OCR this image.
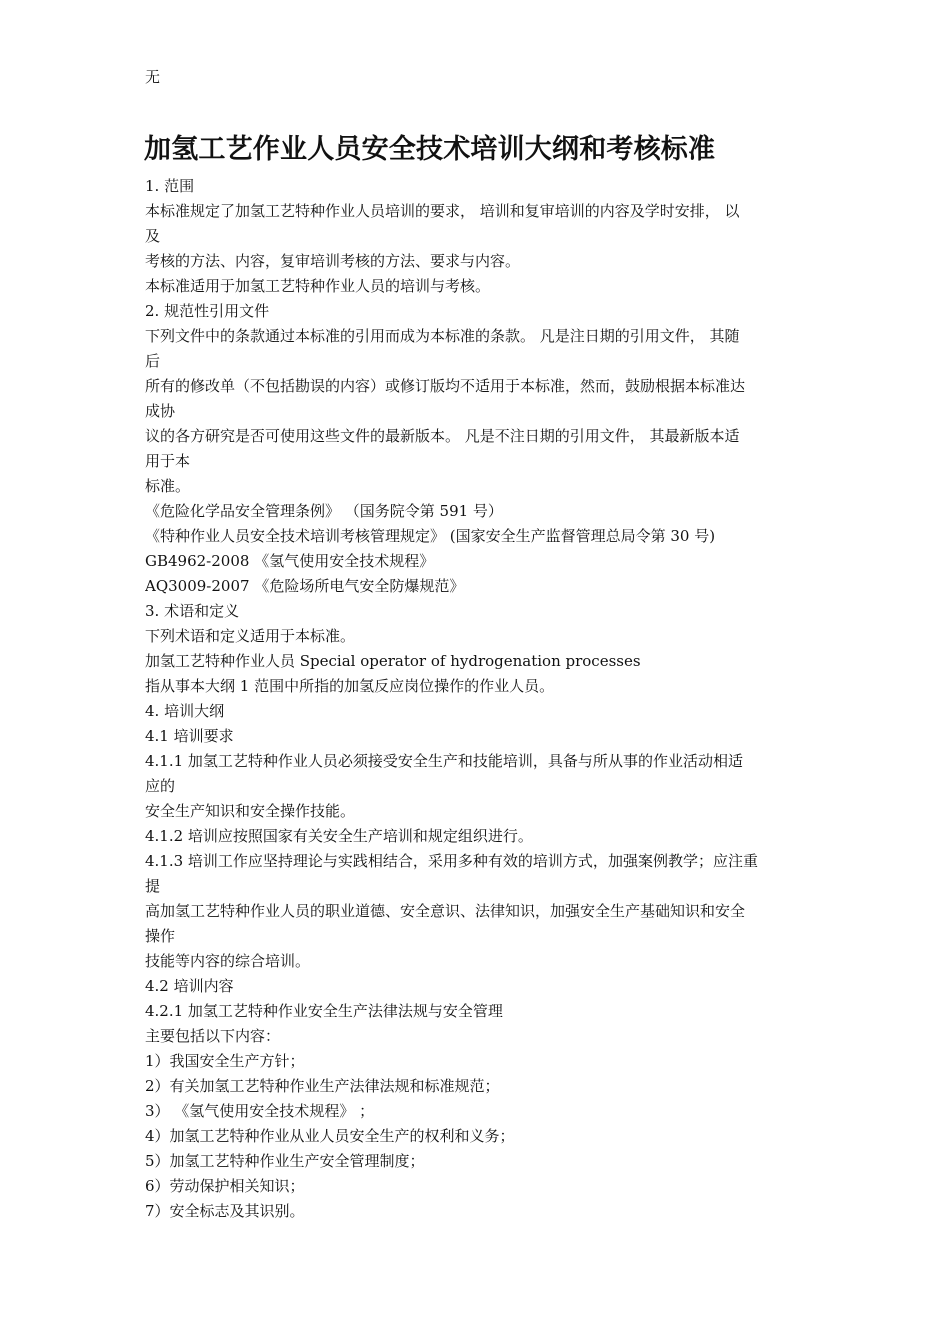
无
加氢工艺作业人员安全技术培训大纲和考核标准
1. 范围
本标准规定了加氢工艺特种作业人员培训的要求， 培训和复审培训的内容及学时安排， 以
及
考核的方法、内容，复审培训考核的方法、要求与内容。
本标准适用于加氢工艺特种作业人员的培训与考核。
2. 规范性引用文件
下列文件中的条款通过本标准的引用而成为本标准的条款。 凡是注日期的引用文件， 其随
后
所有的修改单（不包括勘误的内容）或修订版均不适用于本标准，然而，鼓励根据本标准达
成协
议的各方研究是否可使用这些文件的最新版本。 凡是不注日期的引用文件， 其最新版本适
用于本
标准。
《危险化学品安全管理条例》 （国务院令第 591 号）
《特种作业人员安全技术培训考核管理规定》 (国家安全生产监督管理总局令第 30 号)
GB4962-2008 《氢气使用安全技术规程》
AQ3009-2007 《危险场所电气安全防爆规范》
3. 术语和定义
下列术语和定义适用于本标准。
加氢工艺特种作业人员 Special operator of hydrogenation processes
指从事本大纲 1 范围中所指的加氢反应岗位操作的作业人员。
4. 培训大纲
4.1 培训要求
4.1.1 加氢工艺特种作业人员必须接受安全生产和技能培训，具备与所从事的作业活动相适
应的
安全生产知识和安全操作技能。
4.1.2 培训应按照国家有关安全生产培训和规定组织进行。
4.1.3 培训工作应坚持理论与实践相结合，采用多种有效的培训方式，加强案例教学；应注重
提
高加氢工艺特种作业人员的职业道德、安全意识、法律知识，加强安全生产基础知识和安全
操作
技能等内容的综合培训。
4.2 培训内容
4.2.1 加氢工艺特种作业安全生产法律法规与安全管理
主要包括以下内容：
1）我国安全生产方针；
2）有关加氢工艺特种作业生产法律法规和标准规范；
3） 《氢气使用安全技术规程》 ；
4）加氢工艺特种作业从业人员安全生产的权利和义务；
5）加氢工艺特种作业生产安全管理制度；
6）劳动保护相关知识；
7）安全标志及其识别。
